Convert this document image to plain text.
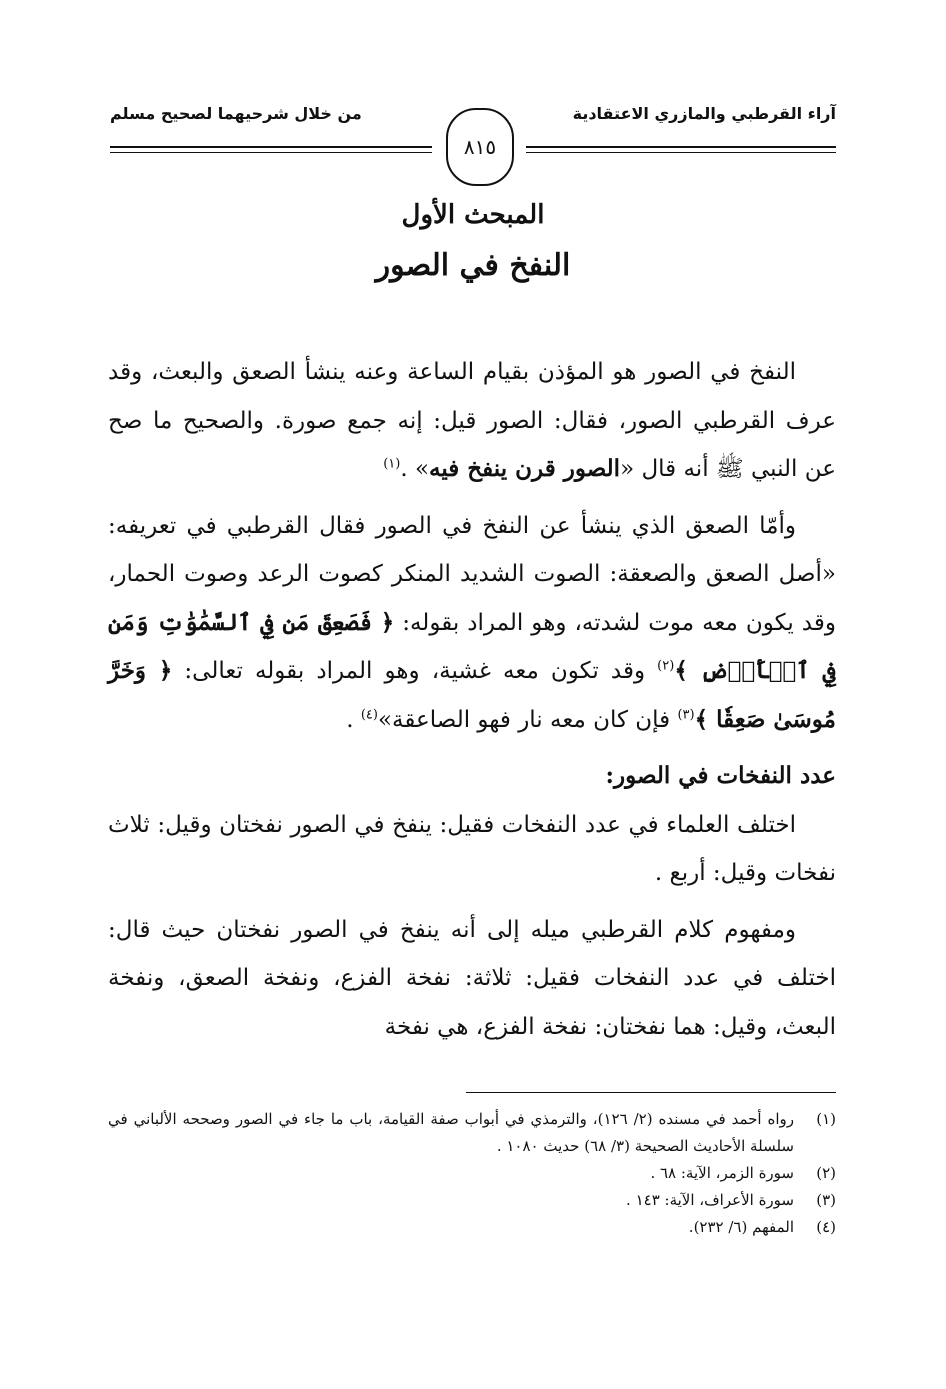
آراء القرطبي والمازري الاعتقادية
من خلال شرحيهما لصحيح مسلم
٨١٥
المبحث الأول
النفخ في الصور

النفخ في الصور هو المؤذن بقيام الساعة وعنه ينشأ الصعق والبعث، وقد عرف القرطبي الصور، فقال: الصور قيل: إنه جمع صورة. والصحيح ما صح عن النبي ﷺ أنه قال «الصور قرن ينفخ فيه» .$^{(١)}$

وأمّا الصعق الذي ينشأ عن النفخ في الصور فقال القرطبي في تعريفه: «أصل الصعق والصعقة: الصوت الشديد المنكر كصوت الرعد وصوت الحمار، وقد يكون معه موت لشدته، وهو المراد بقوله: ﴿ فَصَعِقَ مَن فِي ٱلسَّمَٰوَٰتِ وَمَن فِي ٱلۡأَرۡضِ ﴾$^{(٢)}$ وقد تكون معه غشية، وهو المراد بقوله تعالى: ﴿ وَخَرَّ مُوسَىٰ صَعِقٗا ﴾$^{(٣)}$ فإن كان معه نار فهو الصاعقة»$^{(٤)}$ .

عدد النفخات في الصور:

اختلف العلماء في عدد النفخات فقيل: ينفخ في الصور نفختان وقيل: ثلاث نفخات وقيل: أربع .

ومفهوم كلام القرطبي ميله إلى أنه ينفخ في الصور نفختان حيث قال: اختلف في عدد النفخات فقيل: ثلاثة: نفخة الفزع، ونفخة الصعق، ونفخة البعث، وقيل: هما نفختان: نفخة الفزع، هي نفخة

(١)
رواه أحمد في مسنده (٢/ ١٢٦)، والترمذي في أبواب صفة القيامة، باب ما جاء في الصور وصححه الألباني في سلسلة الأحاديث الصحيحة (٣/ ٦٨) حديث ١٠٨٠ .
(٢)
سورة الزمر، الآية: ٦٨ .
(٣)
سورة الأعراف، الآية: ١٤٣ .
(٤)
المفهم (٦/ ٢٣٢).
